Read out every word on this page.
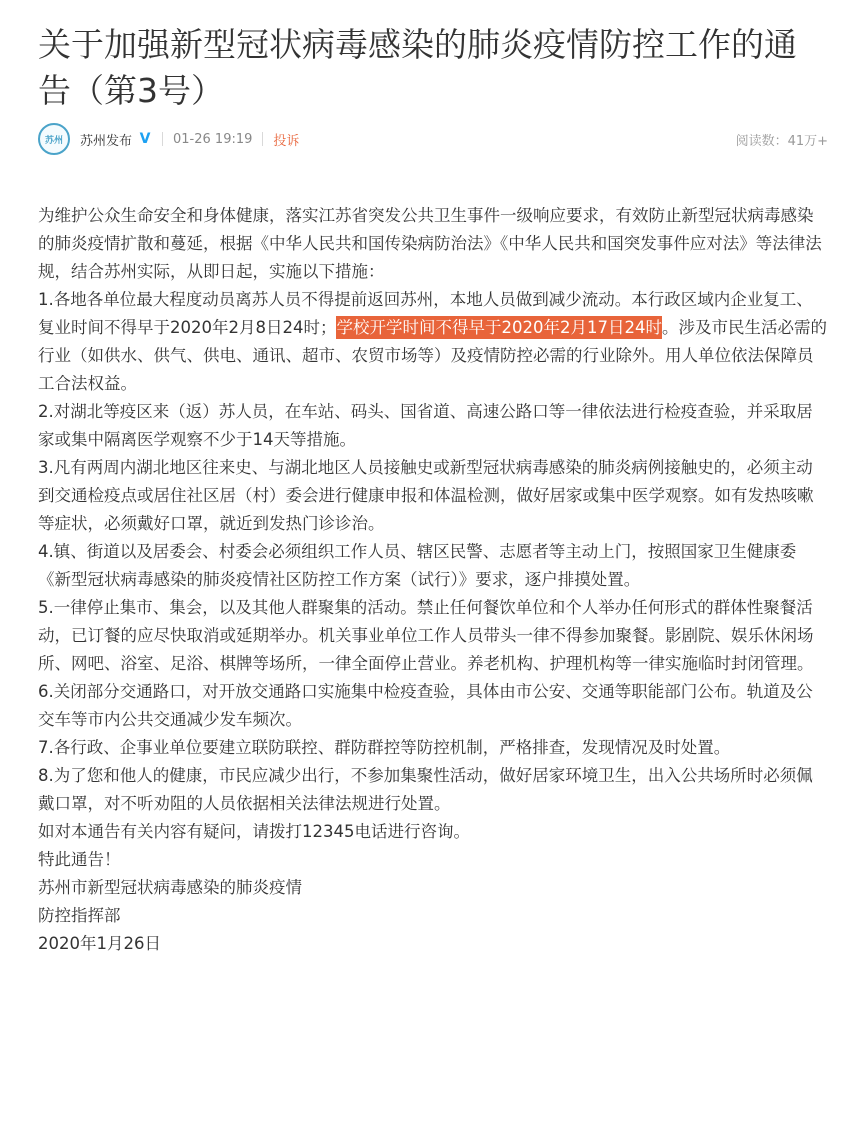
关于加强新型冠状病毒感染的肺炎疫情防控工作的通告（第3号）
苏州 苏州发布 V 01-26 19:19 投诉	阅读数：41万+

为维护公众生命安全和身体健康，落实江苏省突发公共卫生事件一级响应要求，有效防止新型冠状病毒感染的肺炎疫情扩散和蔓延，根据《中华人民共和国传染病防治法》《中华人民共和国突发事件应对法》等法律法规，结合苏州实际，从即日起，实施以下措施：

1.各地各单位最大程度动员离苏人员不得提前返回苏州，本地人员做到减少流动。本行政区域内企业复工、复业时间不得早于2020年2月8日24时；学校开学时间不得早于2020年2月17日24时。涉及市民生活必需的行业（如供水、供气、供电、通讯、超市、农贸市场等）及疫情防控必需的行业除外。用人单位依法保障员工合法权益。

2.对湖北等疫区来（返）苏人员，在车站、码头、国省道、高速公路口等一律依法进行检疫查验，并采取居家或集中隔离医学观察不少于14天等措施。

3.凡有两周内湖北地区往来史、与湖北地区人员接触史或新型冠状病毒感染的肺炎病例接触史的，必须主动到交通检疫点或居住社区居（村）委会进行健康申报和体温检测，做好居家或集中医学观察。如有发热咳嗽等症状，必须戴好口罩，就近到发热门诊诊治。

4.镇、街道以及居委会、村委会必须组织工作人员、辖区民警、志愿者等主动上门，按照国家卫生健康委《新型冠状病毒感染的肺炎疫情社区防控工作方案（试行）》要求，逐户排摸处置。

5.一律停止集市、集会，以及其他人群聚集的活动。禁止任何餐饮单位和个人举办任何形式的群体性聚餐活动，已订餐的应尽快取消或延期举办。机关事业单位工作人员带头一律不得参加聚餐。影剧院、娱乐休闲场所、网吧、浴室、足浴、棋牌等场所，一律全面停止营业。养老机构、护理机构等一律实施临时封闭管理。

6.关闭部分交通路口，对开放交通路口实施集中检疫查验，具体由市公安、交通等职能部门公布。轨道及公交车等市内公共交通减少发车频次。

7.各行政、企事业单位要建立联防联控、群防群控等防控机制，严格排查，发现情况及时处置。

8.为了您和他人的健康，市民应减少出行，不参加集聚性活动，做好居家环境卫生，出入公共场所时必须佩戴口罩，对不听劝阻的人员依据相关法律法规进行处置。

如对本通告有关内容有疑问，请拨打12345电话进行咨询。

特此通告！

苏州市新型冠状病毒感染的肺炎疫情

防控指挥部

2020年1月26日
